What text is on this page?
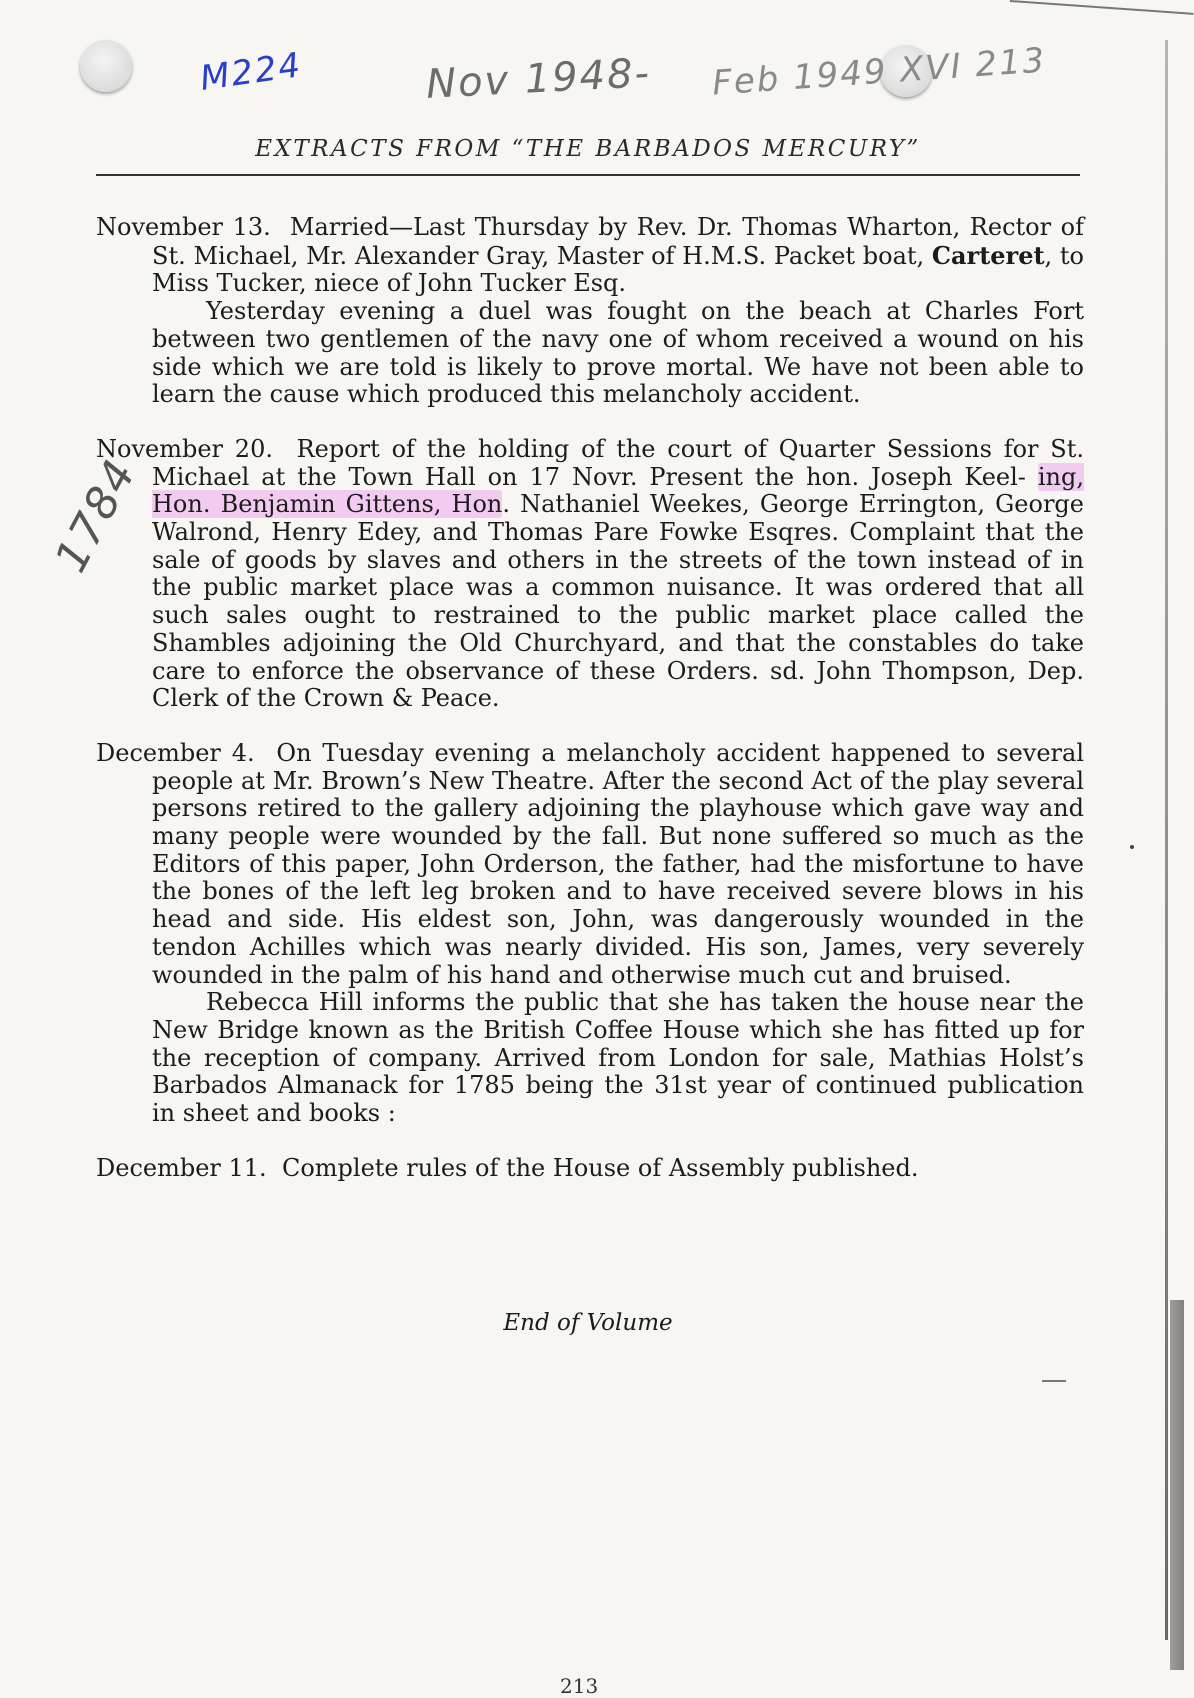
M224	Nov 1948- Feb 1949 XVI 213
1784
EXTRACTS FROM “THE BARBADOS MERCURY”

November 13. Married—Last Thursday by Rev. Dr. Thomas Wharton, Rector of St. Michael, Mr. Alexander Gray, Master of H.M.S. Packet boat, Carteret, to Miss Tucker, niece of John Tucker Esq.

Yesterday evening a duel was fought on the beach at Charles Fort between two gentlemen of the navy one of whom received a wound on his side which we are told is likely to prove mortal. We have not been able to learn the cause which produced this melancholy accident.

November 20. Report of the holding of the court of Quarter Sessions for St. Michael at the Town Hall on 17 Novr. Present the hon. Joseph Keel- ing, Hon. Benjamin Gittens, Hon. Nathaniel Weekes, George Errington, George Walrond, Henry Edey, and Thomas Pare Fowke Esqres. Complaint that the sale of goods by slaves and others in the streets of the town instead of in the public market place was a common nuisance. It was ordered that all such sales ought to restrained to the public market place called the Shambles adjoining the Old Churchyard, and that the constables do take care to enforce the observance of these Orders. sd. John Thompson, Dep. Clerk of the Crown & Peace.

December 4. On Tuesday evening a melancholy accident happened to several people at Mr. Brown’s New Theatre. After the second Act of the play several persons retired to the gallery adjoining the playhouse which gave way and many people were wounded by the fall. But none suffered so much as the Editors of this paper, John Orderson, the father, had the misfortune to have the bones of the left leg broken and to have received severe blows in his head and side. His eldest son, John, was dangerously wounded in the tendon Achilles which was nearly divided. His son, James, very severely wounded in the palm of his hand and otherwise much cut and bruised.

Rebecca Hill informs the public that she has taken the house near the New Bridge known as the British Coffee House which she has fitted up for the reception of company. Arrived from London for sale, Mathias Holst’s Barbados Almanack for 1785 being the 31st year of continued publication in sheet and books :

December 11. Complete rules of the House of Assembly published.

End of Volume
213
